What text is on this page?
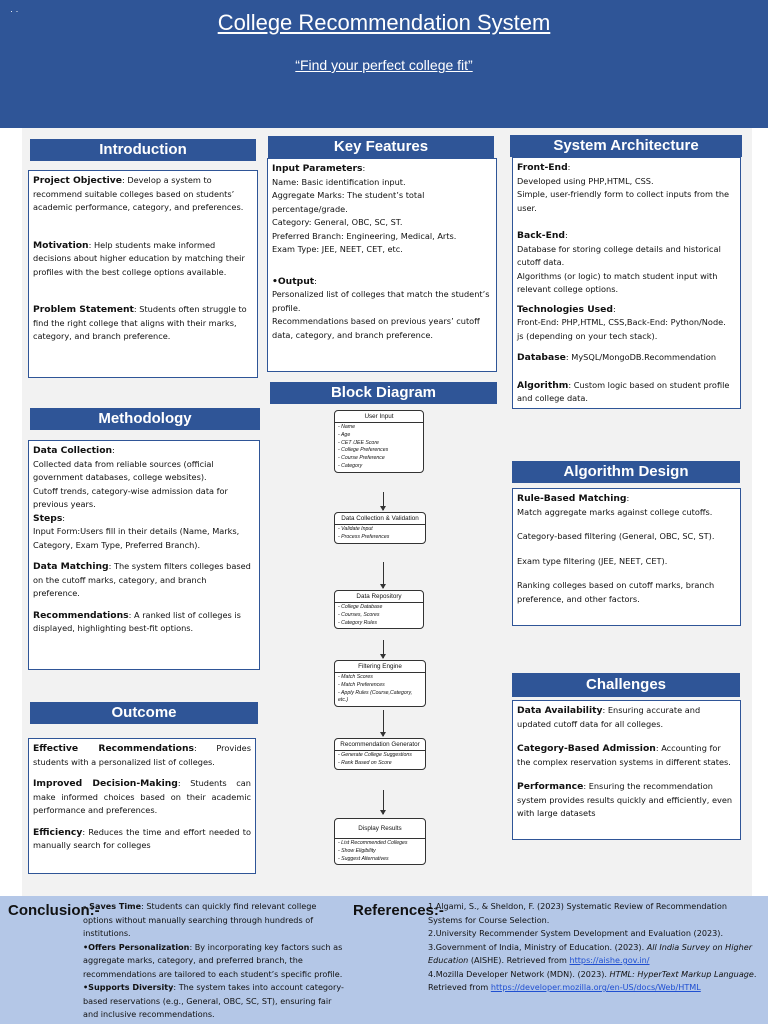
· ·	College Recommendation System
“Find your perfect college fit”
Introduction

Project Objective: Develop a system to recommend suitable colleges based on students’ academic performance, category, and preferences.

Motivation: Help students make informed decisions about higher education by matching their profiles with the best college options available.

Problem Statement: Students often struggle to find the right college that aligns with their marks, category, and branch preference.

Key Features

Input Parameters:

Name: Basic identification input.

Aggregate Marks: The student’s total percentage/grade.

Category: General, OBC, SC, ST.

Preferred Branch: Engineering, Medical, Arts.

Exam Type: JEE, NEET, CET, etc.

•Output:

Personalized list of colleges that match the student’s profile.

Recommendations based on previous years’ cutoff data, category, and branch preference.

System Architecture

Front-End:

Developed using PHP,HTML, CSS.

Simple, user-friendly form to collect inputs from the user.

Back-End:

Database for storing college details and historical cutoff data.

Algorithms (or logic) to match student input with relevant college options.

Technologies Used:

Front-End: PHP,HTML, CSS,Back-End: Python/Node.

js (depending on your tech stack).

Database: MySQL/MongoDB.Recommendation

Algorithm: Custom logic based on student profile and college data.

Methodology

Data Collection:

Collected data from reliable sources (official government databases, college websites).

Cutoff trends, category-wise admission data for previous years.

Steps:

Input Form:Users fill in their details (Name, Marks, Category, Exam Type, Preferred Branch).

Data Matching: The system filters colleges based on the cutoff marks, category, and branch preference.

Recommendations: A ranked list of colleges is displayed, highlighting best-fit options.

Outcome

Effective Recommendations: Provides students with a personalized list of colleges.

Improved Decision-Making: Students can make informed choices based on their academic performance and preferences.

Efficiency: Reduces the time and effort needed to manually search for colleges

Block Diagram
User Input
- Name
- Age
- CET /JEE Score
- College Preferences
- Course Preference
- Category
Data Collection & Validation
- Validate Input
- Process Preferences
Data Repository
- College Database
- Courses, Scores
- Category Rules
Filtering Engine
- Match Scores
- Match Preferences
- Apply Rules (Course,Category, etc.)
Recommendation Generator
- Generate College Suggestions
- Rank Based on Score
Display Results
- List Recommended Colleges
- Show Eligibility
- Suggest Alternatives
Algorithm Design

Rule-Based Matching:

Match aggregate marks against college cutoffs.

Category-based filtering (General, OBC, SC, ST).

Exam type filtering (JEE, NEET, CET).

Ranking colleges based on cutoff marks, branch preference, and other factors.

Challenges

Data Availability: Ensuring accurate and updated cutoff data for all colleges.

Category-Based Admission: Accounting for the complex reservation systems in different states.

Performance: Ensuring the recommendation system provides results quickly and efficiently, even with large datasets

Conclusion:-

- Saves Time: Students can quickly find relevant college options without manually searching through hundreds of institutions.

•Offers Personalization: By incorporating key factors such as aggregate marks, category, and preferred branch, the recommendations are tailored to each student’s specific profile.

•Supports Diversity: The system takes into account category-based reservations (e.g., General, OBC, SC, ST), ensuring fair and inclusive recommendations.

References:-

1.Algami, S., & Sheldon, F. (2023) Systematic Review of Recommendation Systems for Course Selection.

2.University Recommender System Development and Evaluation (2023).

3.Government of India, Ministry of Education. (2023). All India Survey on Higher Education (AISHE). Retrieved from https://aishe.gov.in/

4.Mozilla Developer Network (MDN). (2023). HTML: HyperText Markup Language. Retrieved from https://developer.mozilla.org/en-US/docs/Web/HTML
